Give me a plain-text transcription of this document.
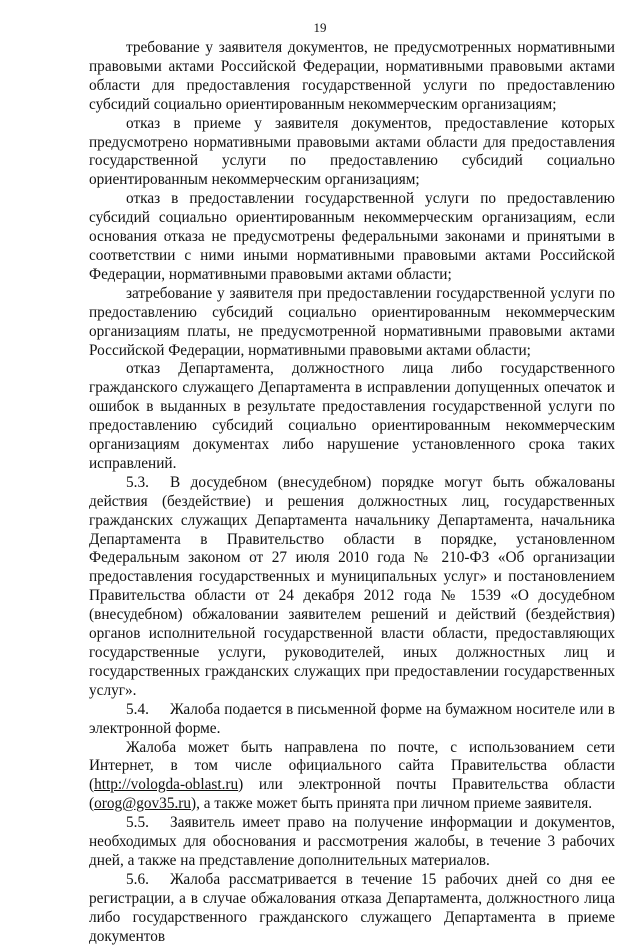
19

требование у заявителя документов, не предусмотренных нормативными правовыми актами Российской Федерации, нормативными правовыми актами области для предоставления государственной услуги по предоставлению субсидий социально ориентированным некоммерческим организациям;

отказ в приеме у заявителя документов, предоставление которых предусмотрено нормативными правовыми актами области для предоставления государственной услуги по предоставлению субсидий социально ориентированным некоммерческим организациям;

отказ в предоставлении государственной услуги по предоставлению субсидий социально ориентированным некоммерческим организациям, если основания отказа не предусмотрены федеральными законами и принятыми в соответствии с ними иными нормативными правовыми актами Российской Федерации, нормативными правовыми актами области;

затребование у заявителя при предоставлении государственной услуги по предоставлению субсидий социально ориентированным некоммерческим организациям платы, не предусмотренной нормативными правовыми актами Российской Федерации, нормативными правовыми актами области;

отказ Департамента, должностного лица либо государственного гражданского служащего Департамента в исправлении допущенных опечаток и ошибок в выданных в результате предоставления государственной услуги по предоставлению субсидий социально ориентированным некоммерческим организациям документах либо нарушение установленного срока таких исправлений.

5.3. В досудебном (внесудебном) порядке могут быть обжалованы действия (бездействие) и решения должностных лиц, государственных гражданских служащих Департамента начальнику Департамента, начальника Департамента в Правительство области в порядке, установленном Федеральным законом от 27 июля 2010 года № 210-ФЗ «Об организации предоставления государственных и муниципальных услуг» и постановлением Правительства области от 24 декабря 2012 года № 1539 «О досудебном (внесудебном) обжаловании заявителем решений и действий (бездействия) органов исполнительной государственной власти области, предоставляющих государственные услуги, руководителей, иных должностных лиц и государственных гражданских служащих при предоставлении государственных услуг».

5.4. Жалоба подается в письменной форме на бумажном носителе или в электронной форме.

Жалоба может быть направлена по почте, с использованием сети Интернет, в том числе официального сайта Правительства области (http://vologda-oblast.ru) или электронной почты Правительства области (orog@gov35.ru), а также может быть принята при личном приеме заявителя.

5.5. Заявитель имеет право на получение информации и документов, необходимых для обоснования и рассмотрения жалобы, в течение 3 рабочих дней, а также на представление дополнительных материалов.

5.6. Жалоба рассматривается в течение 15 рабочих дней со дня ее регистрации, а в случае обжалования отказа Департамента, должностного лица либо государственного гражданского служащего Департамента в приеме документов
